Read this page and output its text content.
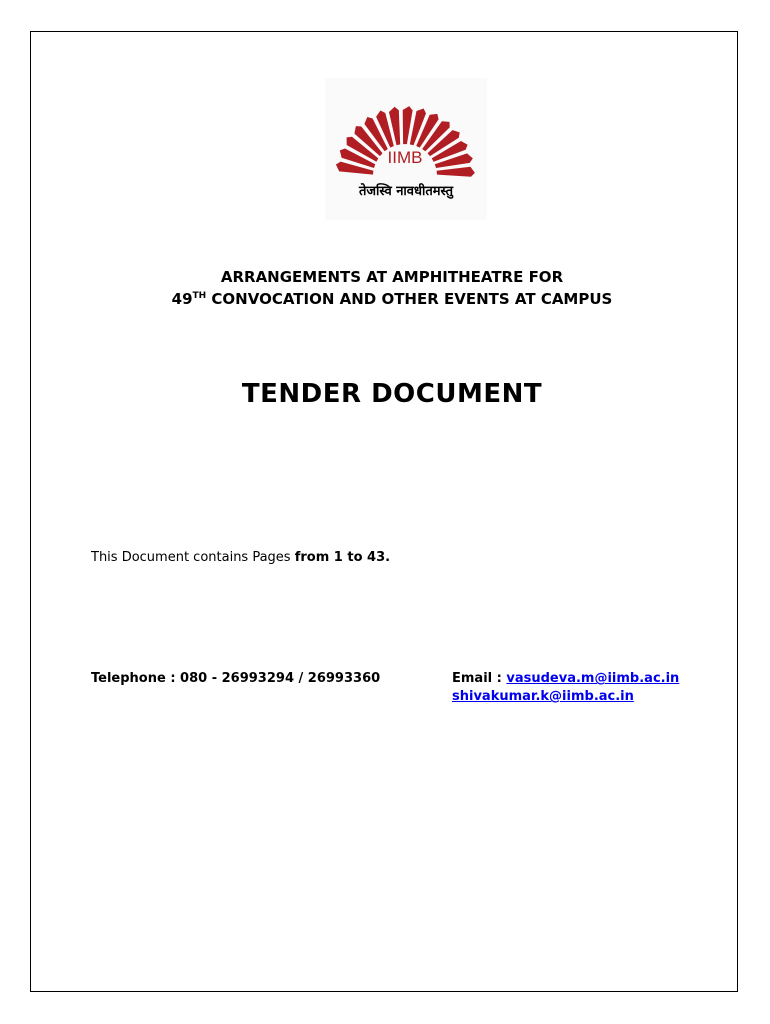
IIMB
तेजस्वि नावधीतमस्तु
ARRANGEMENTS AT AMPHITHEATRE FOR
49TH CONVOCATION AND OTHER EVENTS AT CAMPUS
TENDER DOCUMENT
This Document contains Pages from 1 to 43.
Telephone : 080 - 26993294 / 26993360	Email : vasudeva.m@iimb.ac.in
shivakumar.k@iimb.ac.in
